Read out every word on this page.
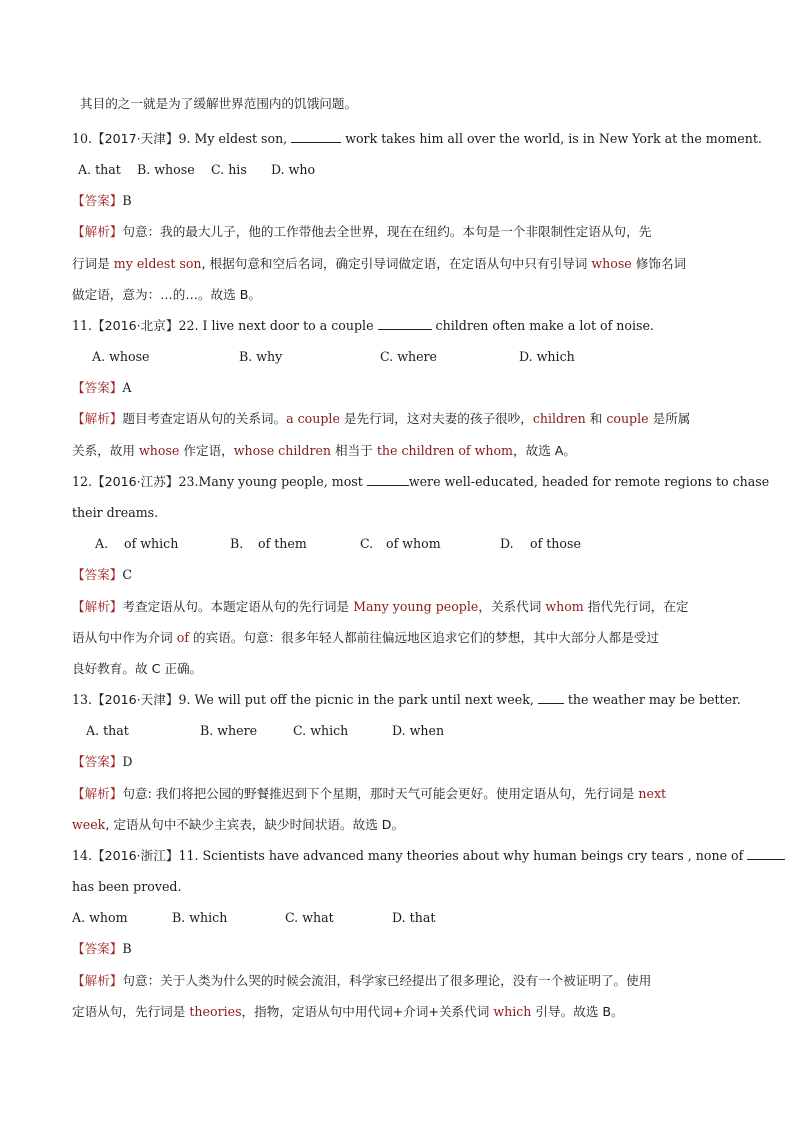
其目的之一就是为了缓解世界范围内的饥饿问题。
10.【2017·天津】9. My eldest son,	work takes him all over the world, is in New York at the moment.
A. that B. whose C. his D. who
【答案】B
【解析】句意：我的最大儿子，他的工作带他去全世界，现在在纽约。本句是一个非限制性定语从句，先
行词是 my eldest son, 根据句意和空后名词，确定引导词做定语，在定语从句中只有引导词 whose 修饰名词
做定语，意为：…的…。故选 B。
11.【2016·北京】22. I live next door to a couple	children often make a lot of noise.
A. whose	B. why	C. where	D. which
【答案】A
【解析】题目考查定语从句的关系词。a couple 是先行词，这对夫妻的孩子很吵，children 和 couple 是所属
关系，故用 whose 作定语，whose children 相当于 the children of whom，故选 A。
12.【2016·江苏】23.Many young people, most	were well-educated, headed for remote regions to chase
their dreams.
A. of which	B. of them	C. of whom	D. of those
【答案】C
【解析】考查定语从句。本题定语从句的先行词是 Many young people，关系代词 whom 指代先行词，在定
语从句中作为介词 of 的宾语。句意：很多年轻人都前往偏远地区追求它们的梦想，其中大部分人都是受过
良好教育。故 C 正确。
13.【2016·天津】9. We will put off the picnic in the park until next week,  the weather may be better.
A. that	B. where	C. which	D. when
【答案】D
【解析】句意: 我们将把公园的野餐推迟到下个星期，那时天气可能会更好。使用定语从句，先行词是 next
week, 定语从句中不缺少主宾表，缺少时间状语。故选 D。
14.【2016·浙江】11. Scientists have advanced many theories about why human beings cry tears , none of
has been proved.
A. whom	B. which	C. what	D. that
【答案】B
【解析】句意：关于人类为什么哭的时候会流泪，科学家已经提出了很多理论，没有一个被证明了。使用
定语从句，先行词是 theories，指物，定语从句中用代词+介词+关系代词 which 引导。故选 B。
